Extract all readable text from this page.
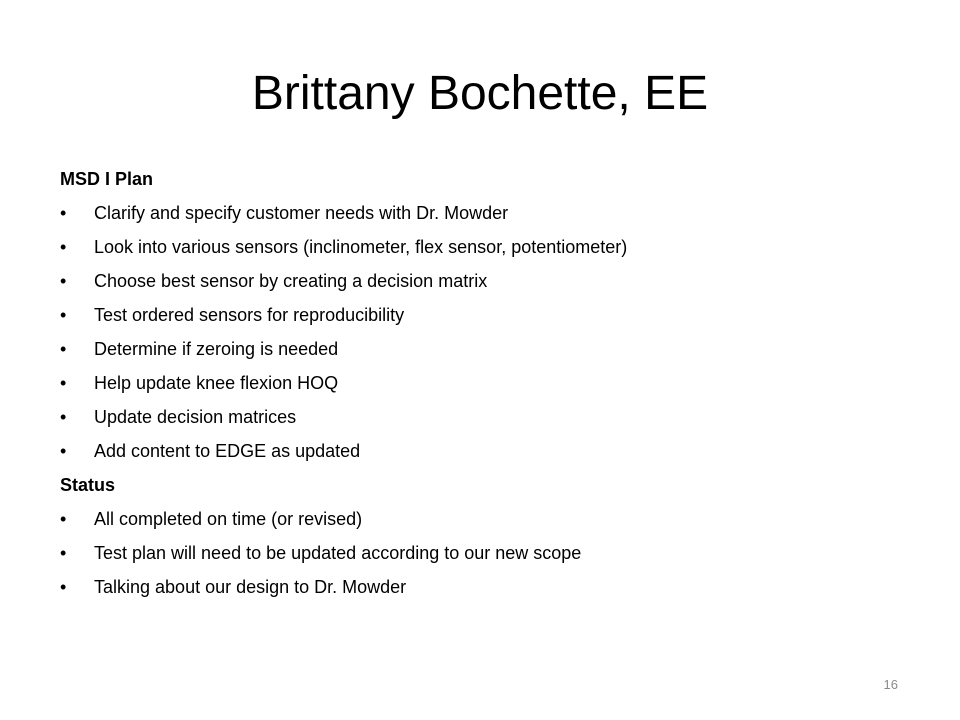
Brittany Bochette, EE
MSD I Plan
•	Clarify and specify customer needs with Dr. Mowder
•	Look into various sensors (inclinometer, flex sensor, potentiometer)
•	Choose best sensor by creating a decision matrix
•	Test ordered sensors for reproducibility
•	Determine if zeroing is needed
•	Help update knee flexion HOQ
•	Update decision matrices
•	Add content to EDGE as updated
Status
•	All completed on time (or revised)
•	Test plan will need to be updated according to our new scope
•	Talking about our design to Dr. Mowder
16
